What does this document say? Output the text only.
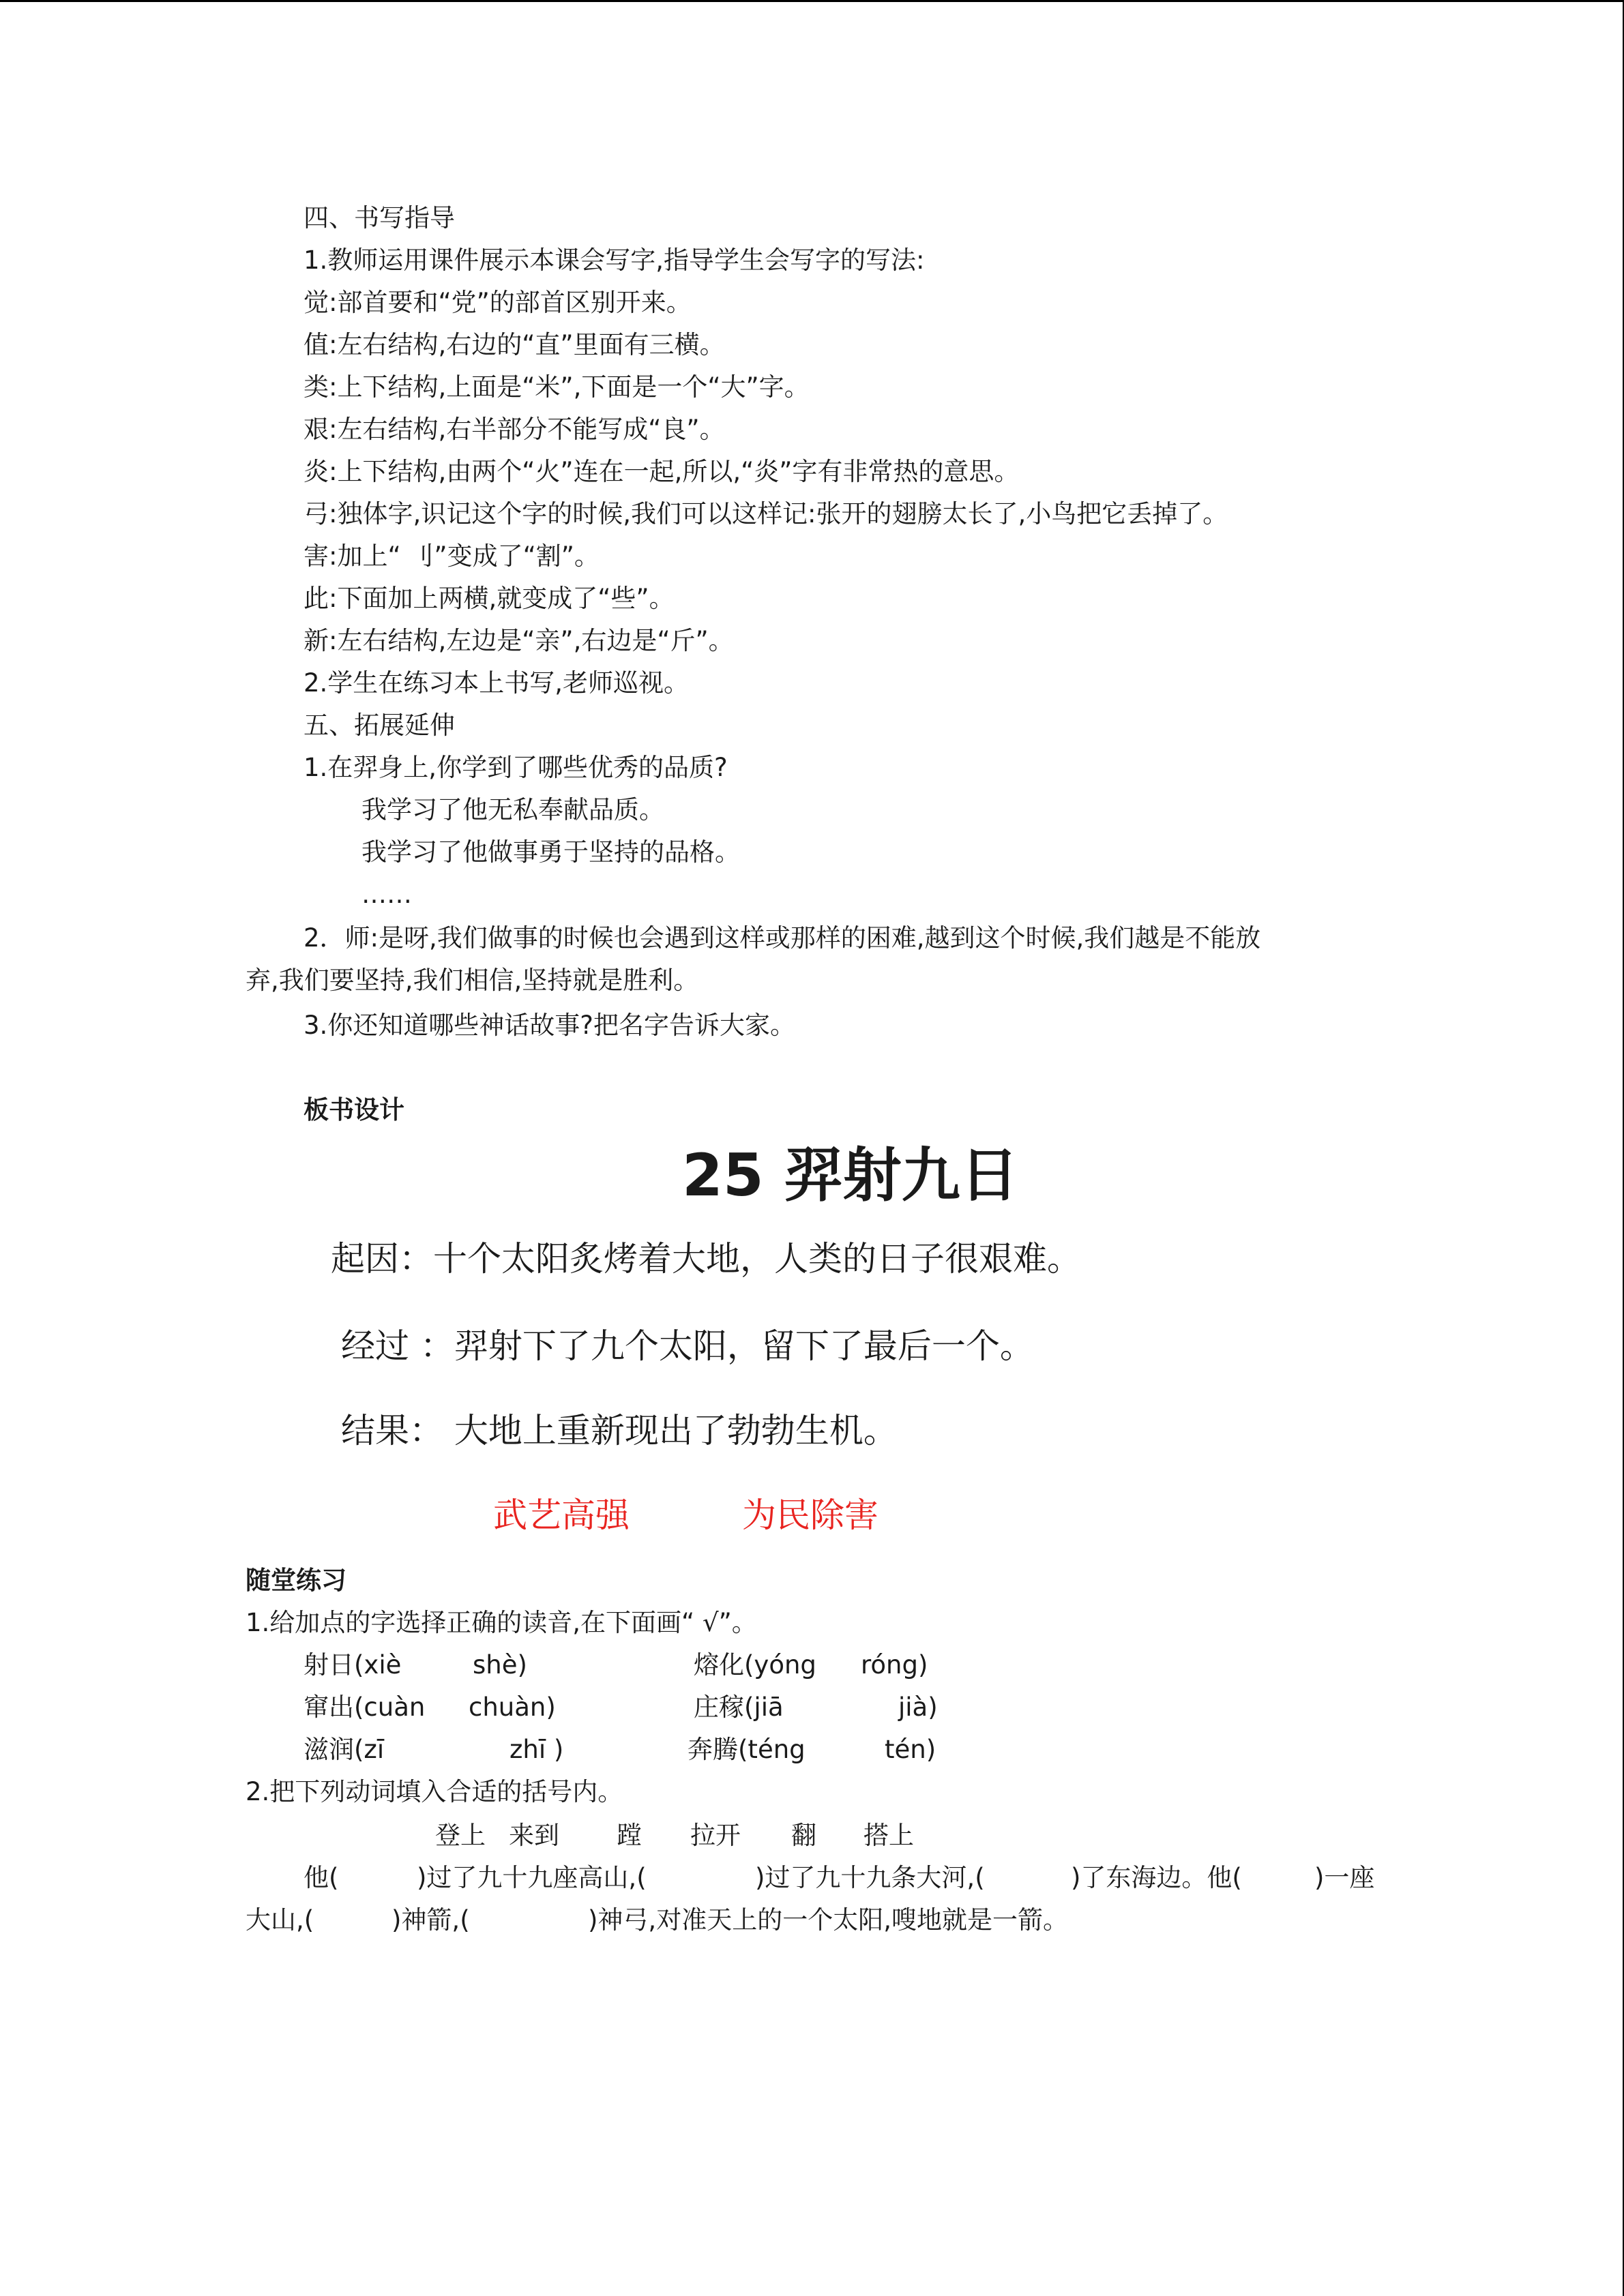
四、书写指导
1.教师运用课件展示本课会写字,指导学生会写字的写法:
觉:部首要和“党”的部首区别开来。
值:左右结构,右边的“直”里面有三横。
类:上下结构,上面是“米”,下面是一个“大”字。
艰:左右结构,右半部分不能写成“良”。
炎:上下结构,由两个“火”连在一起,所以,“炎”字有非常热的意思。
弓:独体字,识记这个字的时候,我们可以这样记:张开的翅膀太长了,小鸟把它丢掉了。
害:加上“ 刂”变成了“割”。
此:下面加上两横,就变成了“些”。
新:左右结构,左边是“亲”,右边是“斤”。
2.学生在练习本上书写,老师巡视。
五、拓展延伸
1.在羿身上,你学到了哪些优秀的品质?
我学习了他无私奉献品质。
我学习了他做事勇于坚持的品格。
……
2．师:是呀,我们做事的时候也会遇到这样或那样的困难,越到这个时候,我们越是不能放
弃,我们要坚持,我们相信,坚持就是胜利。
3.你还知道哪些神话故事?把名字告诉大家。
板书设计
25 羿射九日
起因：十个太阳炙烤着大地，人类的日子很艰难。
经过 ：羿射下了九个太阳，留下了最后一个。
结果： 大地上重新现出了勃勃生机。
武艺高强	为民除害
随堂练习
1.给加点的字选择正确的读音,在下面画“ √”。
射日(xiè	shè)	熔化(yóng róng)
窜出(cuàn chuàn)	庄稼(jiā	jià)
滋润(zī	zhī )	奔腾(téng	tén)
2.把下列动词填入合适的括号内。
登上 来到 蹚 拉开 翻 搭上
他(	)过了九十九座高山,(	)过了九十九条大河,(	)了东海边。他(	)一座
大山,(	)神箭,(	)神弓,对准天上的一个太阳,嗖地就是一箭。
